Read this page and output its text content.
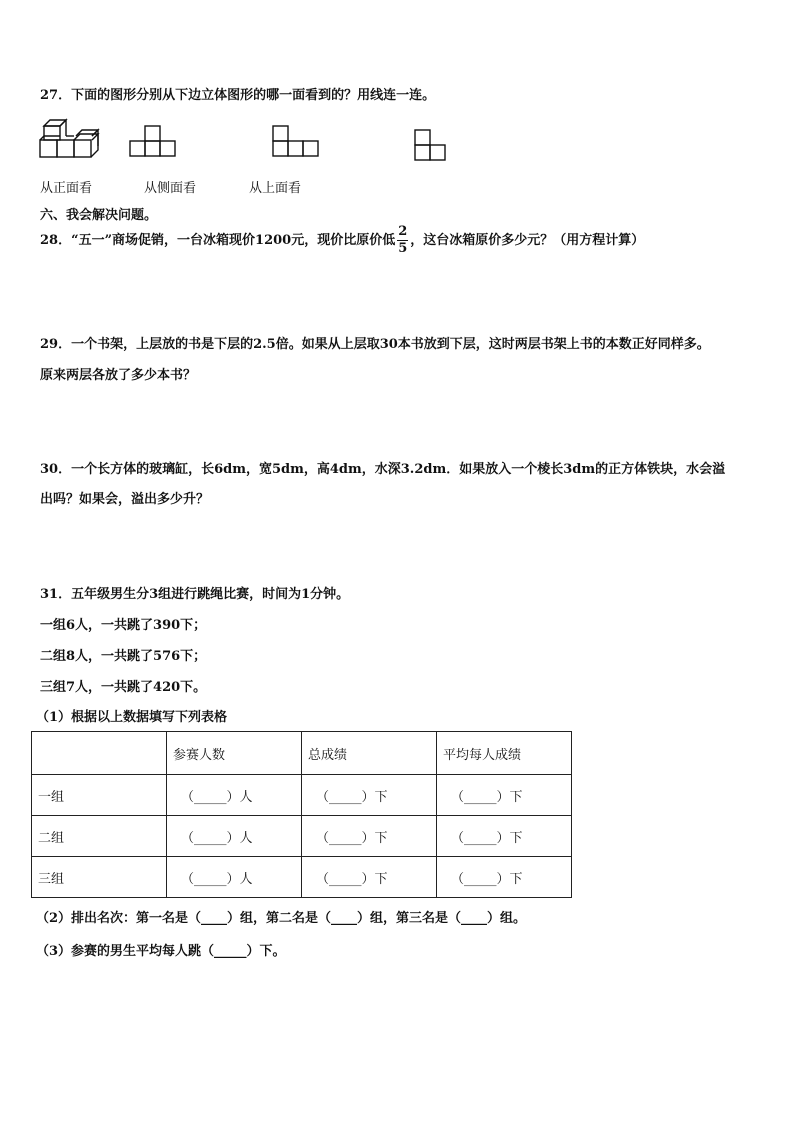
27．下面的图形分别从下边立体图形的哪一面看到的？用线连一连。
从正面看	从侧面看	从上面看
六、我会解决问题。
28．“五一”商场促销，一台冰箱现价1200元，现价比原价低 $\frac{2}{5}$ ，这台冰箱原价多少元？（用方程计算）
29．一个书架，上层放的书是下层的2.5倍。如果从上层取30本书放到下层，这时两层书架上书的本数正好同样多。
原来两层各放了多少本书？
30．一个长方体的玻璃缸，长6dm，宽5dm，高4dm，水深3.2dm．如果放入一个棱长3dm的正方体铁块，水会溢
出吗？如果会，溢出多少升？
31．五年级男生分3组进行跳绳比赛，时间为1分钟。
一组6人，一共跳了390下；
二组8人，一共跳了576下；
三组7人，一共跳了420下。
（1）根据以上数据填写下列表格
	参赛人数	总成绩	平均每人成绩
一组	（_____）人	（_____）下	（_____）下
二组	（_____）人	（_____）下	（_____）下
三组	（_____）人	（_____）下	（_____）下
（2）排出名次：第一名是（____）组，第二名是（____）组，第三名是（____）组。
（3）参赛的男生平均每人跳（_____）下。
